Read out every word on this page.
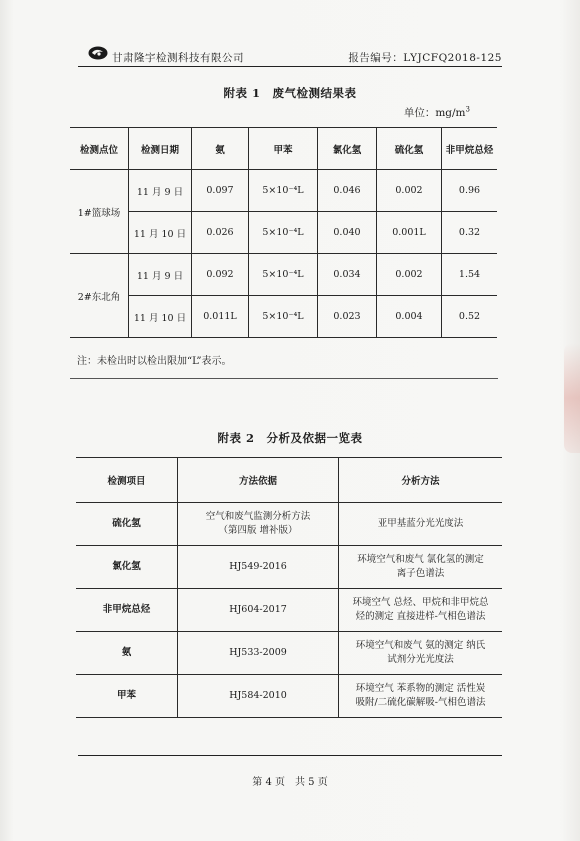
甘肃隆宇检测科技有限公司	报告编号：LYJCFQ2018-125
附表 1　废气检测结果表
单位：$mg/m^3$
检测点位	检测日期	氨	甲苯	氯化氢	硫化氢	非甲烷总烃
1#篮球场	11 月 9 日	0.097	5×10⁻⁴L	0.046	0.002	0.96
	11 月 10 日	0.026	5×10⁻⁴L	0.040	0.001L	0.32
2#东北角	11 月 9 日	0.092	5×10⁻⁴L	0.034	0.002	1.54
	11 月 10 日	0.011L	5×10⁻⁴L	0.023	0.004	0.52
注：未检出时以检出限加“L”表示。
附表 2　分析及依据一览表
检测项目	方法依据	分析方法
硫化氢	空气和废气监测分析方法
（第四版 增补版）	亚甲基蓝分光光度法

氯化氢	HJ549-2016	环境空气和废气 氯化氢的测定
离子色谱法

非甲烷总烃	HJ604-2017	环境空气 总烃、甲烷和非甲烷总
烃的测定 直接进样-气相色谱法

氨	HJ533-2009	环境空气和废气 氨的测定 纳氏
试剂分光光度法

甲苯	HJ584-2010	环境空气 苯系物的测定 活性炭
吸附/二硫化碳解吸-气相色谱法
第 4 页　共 5 页
